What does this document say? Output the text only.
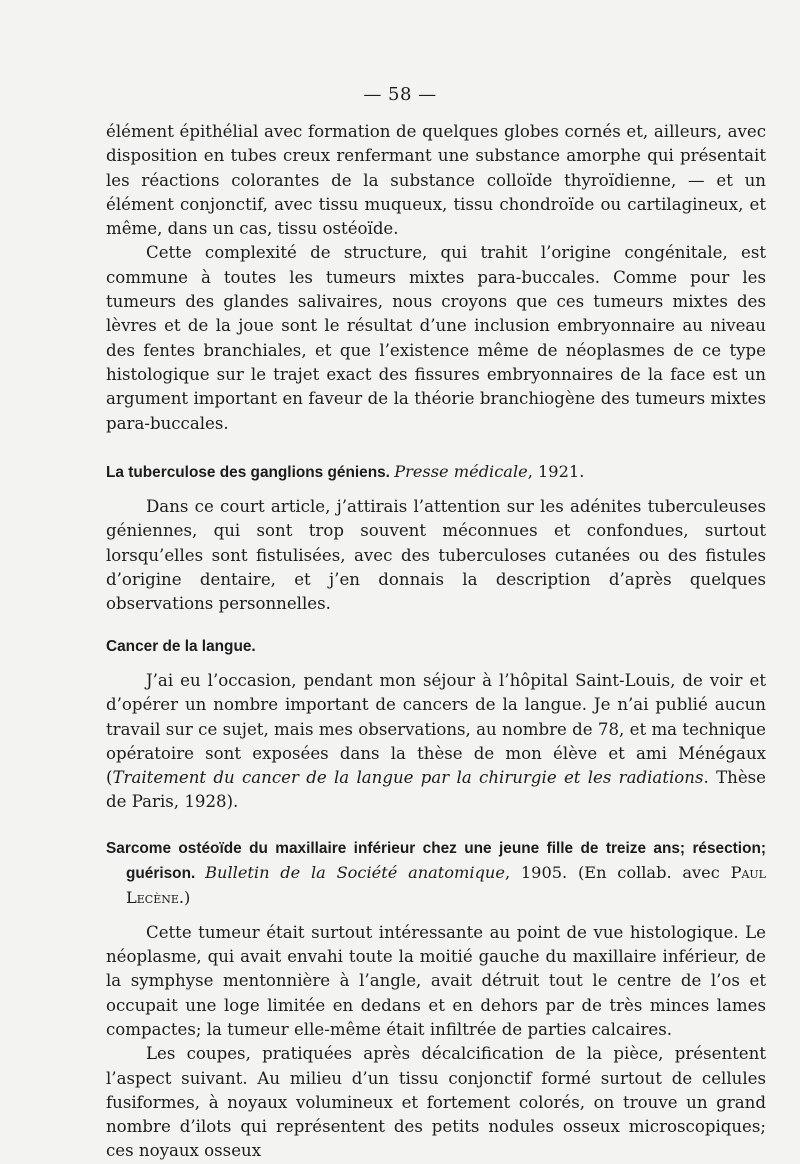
— 58 —

élément épithélial avec formation de quelques globes cornés et, ailleurs, avec disposition en tubes creux renfermant une substance amorphe qui présentait les réactions colorantes de la substance colloïde thyroïdienne, — et un élément conjonctif, avec tissu muqueux, tissu chondroïde ou cartilagineux, et même, dans un cas, tissu ostéoïde.

Cette complexité de structure, qui trahit l’origine congénitale, est commune à toutes les tumeurs mixtes para-buccales. Comme pour les tumeurs des glandes salivaires, nous croyons que ces tumeurs mixtes des lèvres et de la joue sont le résultat d’une inclusion embryonnaire au niveau des fentes branchiales, et que l’existence même de néoplasmes de ce type histologique sur le trajet exact des fissures embryonnaires de la face est un argument important en faveur de la théorie branchiogène des tumeurs mixtes para-buccales.

La tuberculose des ganglions géniens. Presse médicale, 1921.

Dans ce court article, j’attirais l’attention sur les adénites tuberculeuses géniennes, qui sont trop souvent méconnues et confondues, surtout lorsqu’elles sont fistulisées, avec des tuberculoses cutanées ou des fistules d’origine dentaire, et j’en donnais la description d’après quelques observations personnelles.

Cancer de la langue.

J’ai eu l’occasion, pendant mon séjour à l’hôpital Saint-Louis, de voir et d’opérer un nombre important de cancers de la langue. Je n’ai publié aucun travail sur ce sujet, mais mes observations, au nombre de 78, et ma technique opératoire sont exposées dans la thèse de mon élève et ami Ménégaux (Traitement du cancer de la langue par la chirurgie et les radiations. Thèse de Paris, 1928).

Sarcome ostéoïde du maxillaire inférieur chez une jeune fille de treize ans; résection; guérison. Bulletin de la Société anatomique, 1905. (En collab. avec Paul Lecène.)

Cette tumeur était surtout intéressante au point de vue histologique. Le néoplasme, qui avait envahi toute la moitié gauche du maxillaire inférieur, de la symphyse mentonnière à l’angle, avait détruit tout le centre de l’os et occupait une loge limitée en dedans et en dehors par de très minces lames compactes; la tumeur elle-même était infiltrée de parties calcaires.

Les coupes, pratiquées après décalcification de la pièce, présentent l’aspect suivant. Au milieu d’un tissu conjonctif formé surtout de cellules fusiformes, à noyaux volumineux et fortement colorés, on trouve un grand nombre d’ilots qui représentent des petits nodules osseux microscopiques; ces noyaux osseux
